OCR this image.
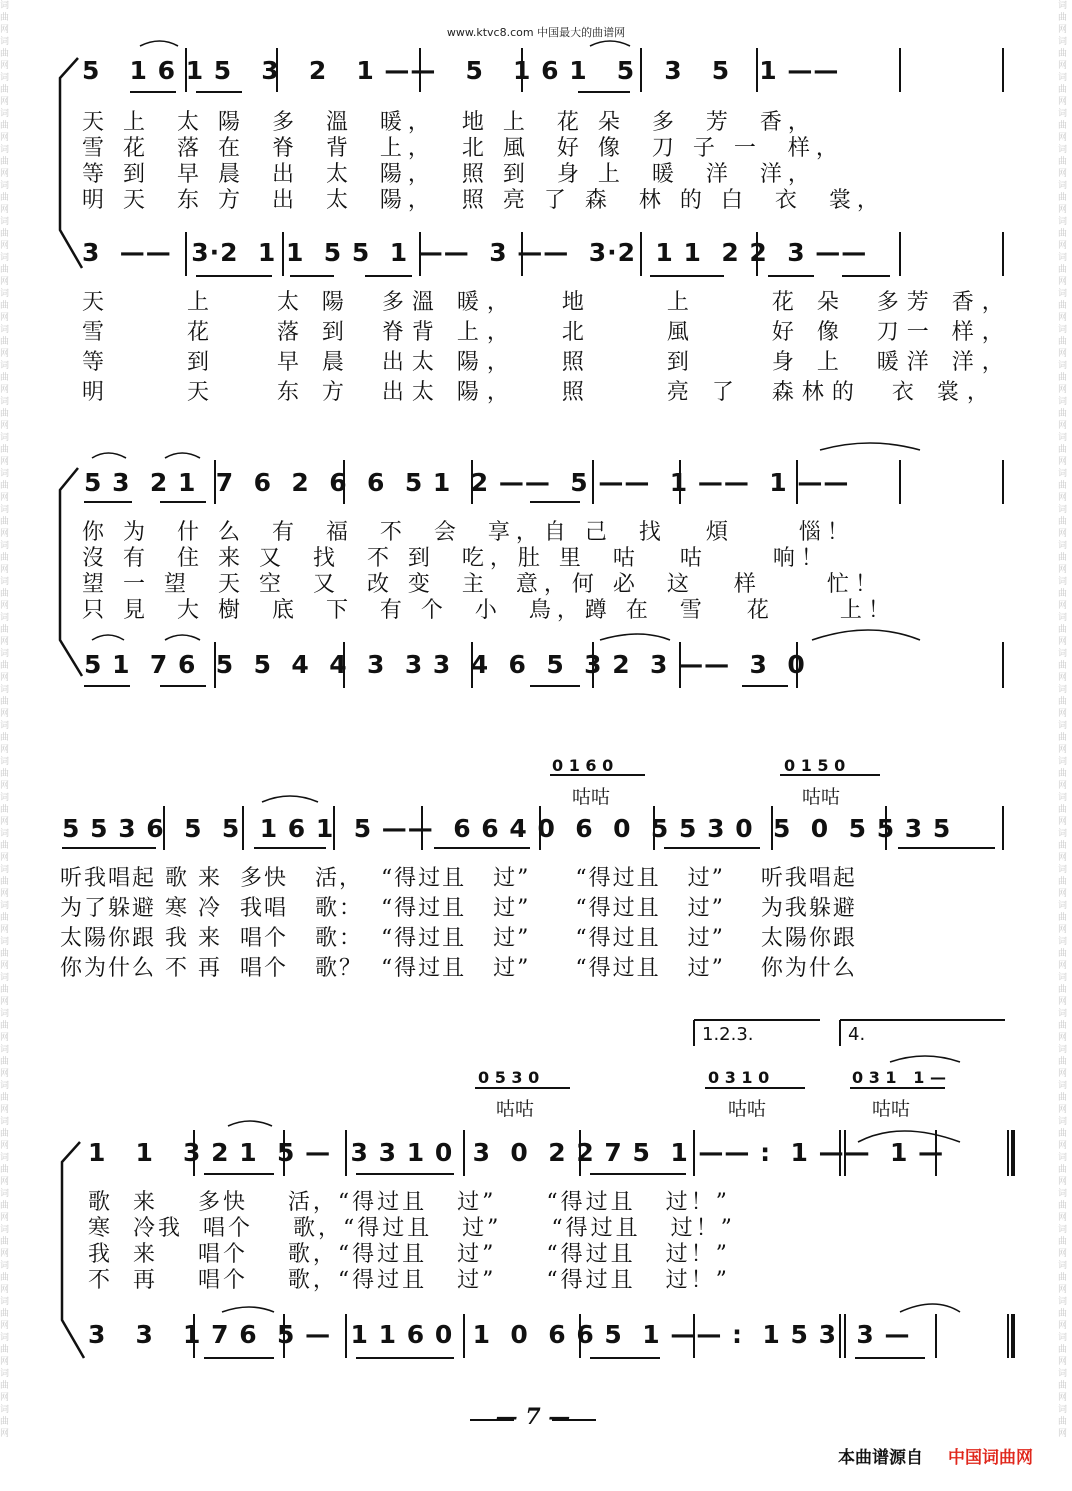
词曲网词曲网词曲网词曲网词曲网词曲网词曲网词曲网词曲网词曲网词曲网词曲网词曲网词曲网词曲网词曲网词曲网词曲网词曲网词曲网词曲网词曲网词曲网词曲网词曲网词曲网词曲网词曲网词曲网词曲网词曲网词曲网词曲网词曲网词曲网词曲网词曲网词曲网词曲网词曲网
词曲网词曲网词曲网词曲网词曲网词曲网词曲网词曲网词曲网词曲网词曲网词曲网词曲网词曲网词曲网词曲网词曲网词曲网词曲网词曲网词曲网词曲网词曲网词曲网词曲网词曲网词曲网词曲网词曲网词曲网词曲网词曲网词曲网词曲网词曲网词曲网词曲网词曲网词曲网词曲网
www.ktvc8.com 中国最大的曲谱网
5   1 6 1 5   3   2   1 ——   5   1 6 1   5   3   5   1 ——
天 上  太 陽  多  溫  暖，  地 上  花 朵  多  芳  香，
雪 花  落 在  脊  背  上，  北 風  好 像  刀 子 一  样，
等 到  早 晨  出  太  陽，  照 到  身 上  暖  洋  洋，
明 天  东 方  出  太  陽，  照 亮 了 森  林 的 白  衣  裳，
3  ——  3·2  1 1  5 5  1 ——  3 ——  3·2  1 1  2 2  3 ——
天     上    太 陽  多溫 暖，   地     上     花 朵  多芳 香，
雪     花    落 到  脊背 上，   北     風     好 像  刀一 样，
等     到    早 晨  出太 陽，   照     到     身 上  暖洋 洋，
明     天    东 方  出太 陽，   照     亮 了  森林的  衣 裳，
5 3  2 1  7  6  2  6  6  5 1  2 ——  5 ——  1 ——  1 ——
你 为  什 么  有  福  不  会  享，自 己  找   煩     惱！
沒 有  住 来 又  找  不 到  吃，肚 里  咕   咕     响！
望 一 望  天 空  又  改 变  主  意，何 必  这   样     忙！
只 見  大 樹  底  下  有 个  小  鳥，蹲 在  雪   花     上！
5 1  7 6  5  5  4  4  3  3 3  4  6  5  3 2  3 ——  3  0
0 1 6 0
咕咕
0 1 5 0
咕咕
5 5 3 6  5  5  1 6 1  5 ——  6 6 4 0  6  0  5 5 3 0  5  0  5 5 3 5
听我唱起 歌 来  多快   活，  “得过且   过”     “得过且   过”    听我唱起
为了躲避 寒 冷  我唱   歌：  “得过且   过”     “得过且   过”    为我躲避
太陽你跟 我 来  唱个   歌：  “得过且   过”     “得过且   过”    太陽你跟
你为什么 不 再  唱个   歌？  “得过且   过”     “得过且   过”    你为什么
1.2.3.	4.
0 5 3 0
咕咕
0 3 1 0
咕咕
0 3 1   1 —
咕咕
1   1   3 2 1  5 —  3 3 1 0  3  0  2 2 7 5  1 —— :  1 ——  1 —
歌  来    多快    活，“得过且   过”     “得过且   过！”
寒  冷我  唱个    歌，“得过且   过”     “得过且   过！”
我  来    唱个    歌，“得过且   过”     “得过且   过！”
不  再    唱个    歌，“得过且   过”     “得过且   过！”
3   3   1 7 6  5 —  1 1 6 0  1  0  6 6 5  1 —— :  1 5 3  3 —
— 7 —
本曲谱源自 中国词曲网
